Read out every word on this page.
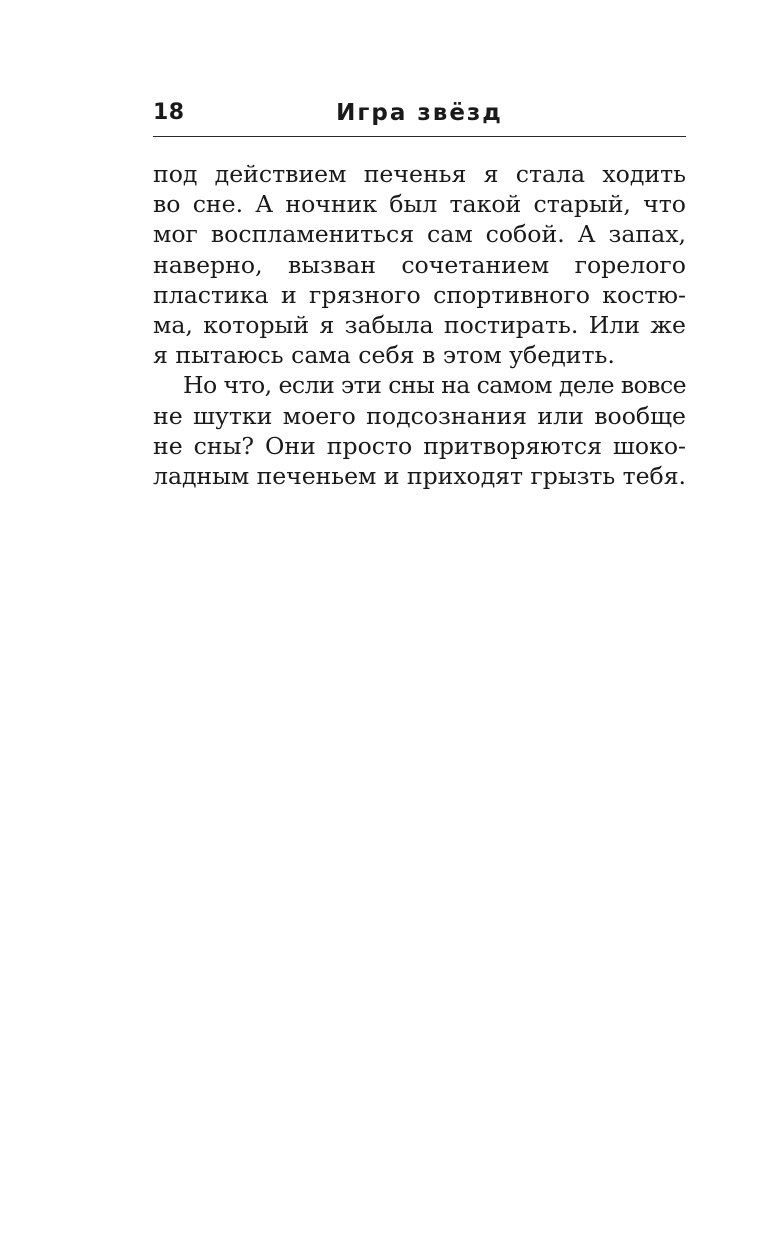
18	Игра звёзд

под действием печенья я стала ходить
во сне. А ночник был такой старый, что
мог воспламениться сам собой. А запах,
наверно, вызван сочетанием горелого
пластика и грязного спортивного костю-
ма, который я забыла постирать. Или же
я пытаюсь сама себя в этом убедить.

Но что, если эти сны на самом деле вовсе
не шутки моего подсознания или вообще
не сны? Они просто притворяются шоко-
ладным печеньем и приходят грызть тебя.
